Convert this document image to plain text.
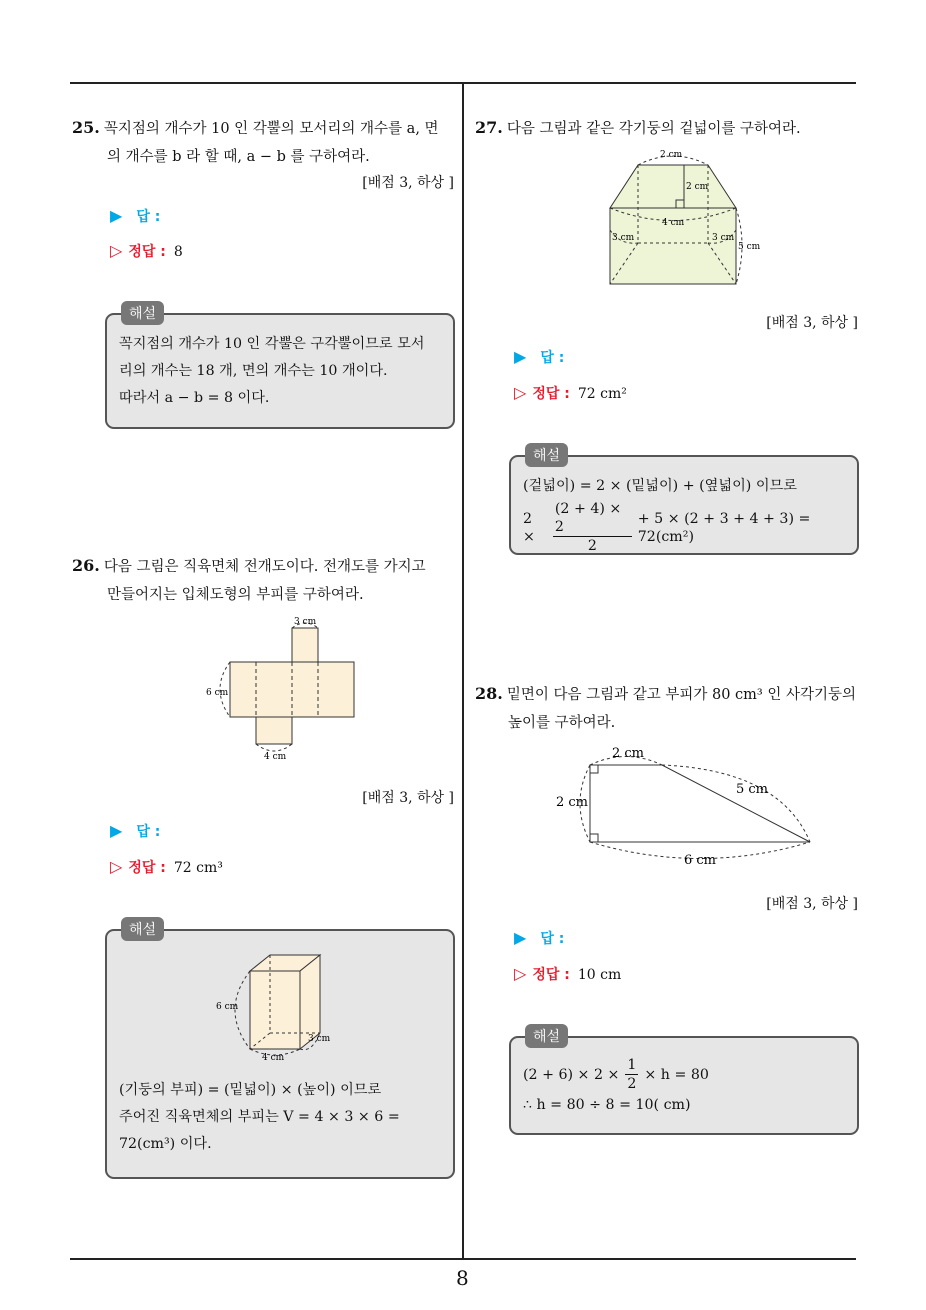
8
25. 꼭지점의 개수가 10 인 각뿔의 모서리의 개수를 a, 면
의 개수를 b 라 할 때, a − b 를 구하여라.
[배점 3, 하상 ]
▶ 답 :
▷ 정답 : 8
해설
꼭지점의 개수가 10 인 각뿔은 구각뿔이므로 모서
리의 개수는 18 개, 면의 개수는 10 개이다.
따라서 a − b = 8 이다.
26. 다음 그림은 직육면체 전개도이다. 전개도를 가지고
만들어지는 입체도형의 부피를 구하여라.
3 cm
6 cm
4 cm
[배점 3, 하상 ]
▶ 답 :
▷ 정답 : 72 cm³
해설
6 cm
3 cm
4 cm
(기둥의 부피) = (밑넓이) × (높이) 이므로
주어진 직육면체의 부피는 V = 4 × 3 × 6 =
72(cm³) 이다.
27. 다음 그림과 같은 각기둥의 겉넓이를 구하여라.
2 cm
2 cm
4 cm
3 cm	3 cm
5 cm
[배점 3, 하상 ]
▶ 답 :
▷ 정답 : 72 cm²
해설
(겉넓이) = 2 × (밑넓이) + (옆넓이) 이므로
2 ×	$\frac{(2 + 4) \times 2}{2} + 5 \times (2 + 3 + 4 + 3) = 72(cm^2)$
28. 밑면이 다음 그림과 같고 부피가 80 cm³ 인 사각기둥의
높이를 구하여라.
2 cm
2 cm
5 cm
6 cm
[배점 3, 하상 ]
▶ 답 :
▷ 정답 : 10 cm
해설
$(2 + 6) \times 2 \times \frac{1}{2} \times h = 80$
∴ h = 80 ÷ 8 = 10( cm)
